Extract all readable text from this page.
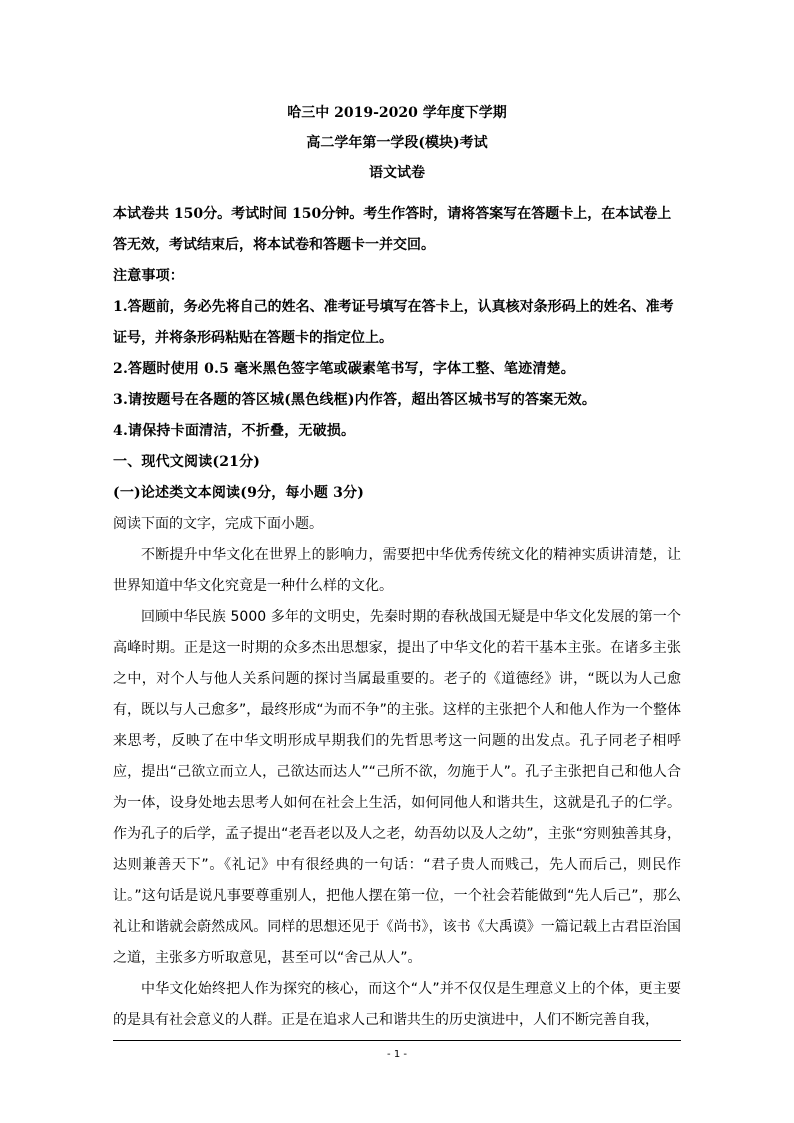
哈三中 2019-2020 学年度下学期

高二学年第一学段(模块)考试

语文试卷

本试卷共 150分。考试时间 150分钟。考生作答时，请将答案写在答题卡上，在本试卷上答无效，考试结束后，将本试卷和答题卡一并交回。

注意事项：

1.答题前，务必先将自己的姓名、准考证号填写在答卡上，认真核对条形码上的姓名、准考证号，并将条形码粘贴在答题卡的指定位上。

2.答题时使用 0.5 毫米黑色签字笔或碳素笔书写，字体工整、笔迹清楚。

3.请按题号在各题的答区城(黑色线框)内作答，超出答区城书写的答案无效。

4.请保持卡面清洁，不折叠，无破损。

一、现代文阅读(21分)

(一)论述类文本阅读(9分，每小题 3分)

阅读下面的文字，完成下面小题。

不断提升中华文化在世界上的影响力，需要把中华优秀传统文化的精神实质讲清楚，让世界知道中华文化究竟是一种什么样的文化。

回顾中华民族 5000 多年的文明史，先秦时期的春秋战国无疑是中华文化发展的第一个高峰时期。正是这一时期的众多杰出思想家，提出了中华文化的若干基本主张。在诸多主张之中，对个人与他人关系问题的探讨当属最重要的。老子的《道德经》讲，“既以为人己愈有，既以与人己愈多”，最终形成“为而不争”的主张。这样的主张把个人和他人作为一个整体来思考，反映了在中华文明形成早期我们的先哲思考这一问题的出发点。孔子同老子相呼应，提出“己欲立而立人，己欲达而达人”“己所不欲，勿施于人”。孔子主张把自己和他人合为一体，设身处地去思考人如何在社会上生活，如何同他人和谐共生，这就是孔子的仁学。作为孔子的后学，孟子提出“老吾老以及人之老，幼吾幼以及人之幼”，主张“穷则独善其身，达则兼善天下”。《礼记》中有很经典的一句话：“君子贵人而贱己，先人而后己，则民作让。”这句话是说凡事要尊重别人，把他人摆在第一位，一个社会若能做到“先人后己”，那么礼让和谐就会蔚然成风。同样的思想还见于《尚书》，该书《大禹谟》一篇记载上古君臣治国之道，主张多方听取意见，甚至可以“舍己从人”。

中华文化始终把人作为探究的核心，而这个“人”并不仅仅是生理意义上的个体，更主要的是具有社会意义的人群。正是在追求人己和谐共生的历史演进中，人们不断完善自我，

- 1 -
